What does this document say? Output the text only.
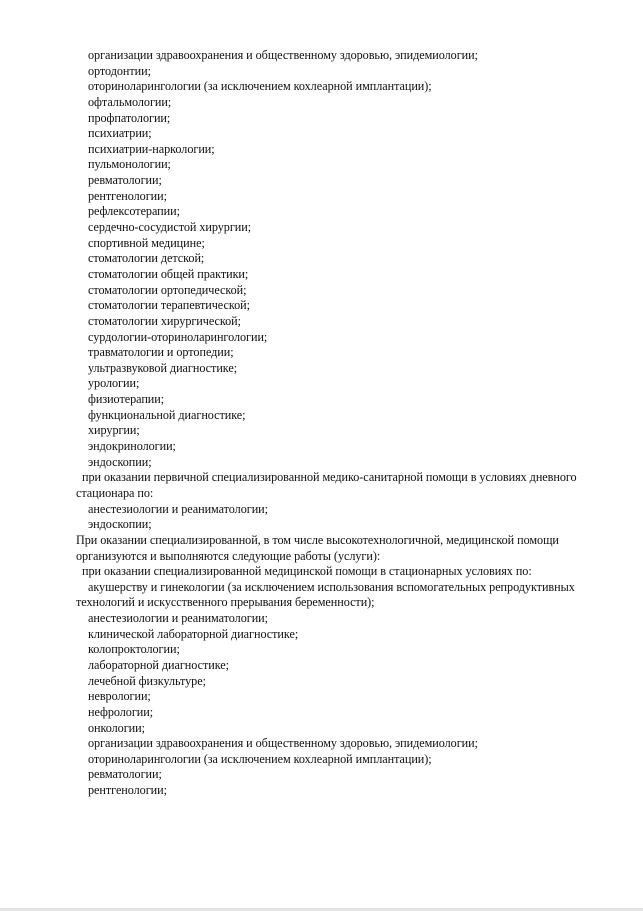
организации здравоохранения и общественному здоровью, эпидемиологии;
ортодонтии;
оториноларингологии (за исключением кохлеарной имплантации);
офтальмологии;
профпатологии;
психиатрии;
психиатрии-наркологии;
пульмонологии;
ревматологии;
рентгенологии;
рефлексотерапии;
сердечно-сосудистой хирургии;
спортивной медицине;
стоматологии детской;
стоматологии общей практики;
стоматологии ортопедической;
стоматологии терапевтической;
стоматологии хирургической;
сурдологии-оториноларингологии;
травматологии и ортопедии;
ультразвуковой диагностике;
урологии;
физиотерапии;
функциональной диагностике;
хирургии;
эндокринологии;
эндоскопии;
при оказании первичной специализированной медико-санитарной помощи в условиях дневного
стационара по:
анестезиологии и реаниматологии;
эндоскопии;
При оказании специализированной, в том числе высокотехнологичной, медицинской помощи
организуются и выполняются следующие работы (услуги):
при оказании специализированной медицинской помощи в стационарных условиях по:
акушерству и гинекологии (за исключением использования вспомогательных репродуктивных
технологий и искусственного прерывания беременности);
анестезиологии и реаниматологии;
клинической лабораторной диагностике;
колопроктологии;
лабораторной диагностике;
лечебной физкультуре;
неврологии;
нефрологии;
онкологии;
организации здравоохранения и общественному здоровью, эпидемиологии;
оториноларингологии (за исключением кохлеарной имплантации);
ревматологии;
рентгенологии;
